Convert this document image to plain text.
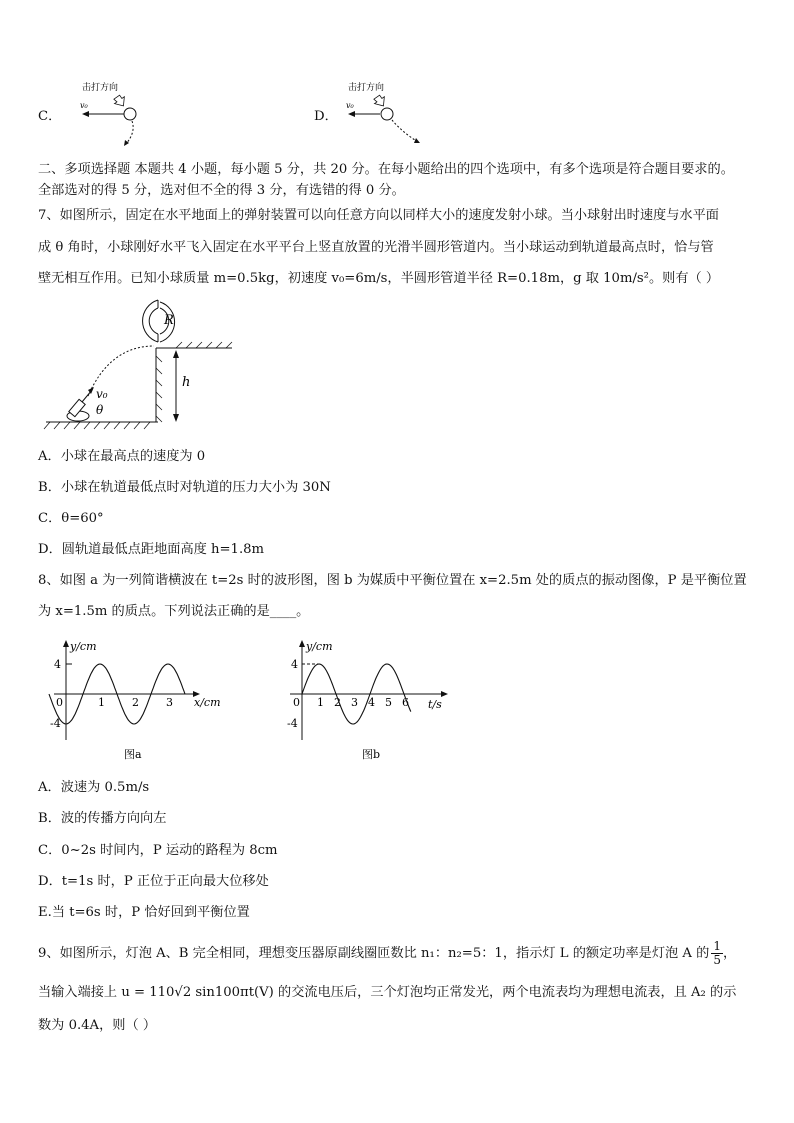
C．
击打方向
v₀
D．
击打方向
v₀
二、多项选择题 本题共 4 小题，每小题 5 分，共 20 分。在每小题给出的四个选项中，有多个选项是符合题目要求的。
全部选对的得 5 分，选对但不全的得 3 分，有选错的得 0 分。
7、如图所示，固定在水平地面上的弹射装置可以向任意方向以同样大小的速度发射小球。当小球射出时速度与水平面
成 θ 角时，小球刚好水平飞入固定在水平平台上竖直放置的光滑半圆形管道内。当小球运动到轨道最高点时，恰与管
壁无相互作用。已知小球质量 m=0.5kg，初速度 v₀=6m/s，半圆形管道半径 R=0.18m，g 取 10m/s²。则有（ ）
R
h
v₀
θ
A．小球在最高点的速度为 0
B．小球在轨道最低点时对轨道的压力大小为 30N
C．θ=60°
D．圆轨道最低点距地面高度 h=1.8m
8、如图 a 为一列简谐横波在 t=2s 时的波形图，图 b 为媒质中平衡位置在 x=2.5m 处的质点的振动图像，P 是平衡位置
为 x=1.5m 的质点。下列说法正确的是____。
y/cm
x/cm
4
0
-4
1 2 3
图a
y/cm
t/s
4
0
-4
1 2 3 4 5 6
图b
A．波速为 0.5m/s
B．波的传播方向向左
C．0~2s 时间内，P 运动的路程为 8cm
D．t=1s 时，P 正位于正向最大位移处
E.当 t=6s 时，P 恰好回到平衡位置
9、如图所示，灯泡 A、B 完全相同，理想变压器原副线圈匝数比 n₁：n₂=5：1，指示灯 L 的额定功率是灯泡 A 的 $\frac{1}{5}$ ，
当输入端接上 u = 110√2 sin100πt(V) 的交流电压后，三个灯泡均正常发光，两个电流表均为理想电流表，且 A₂ 的示
数为 0.4A，则（ ）
